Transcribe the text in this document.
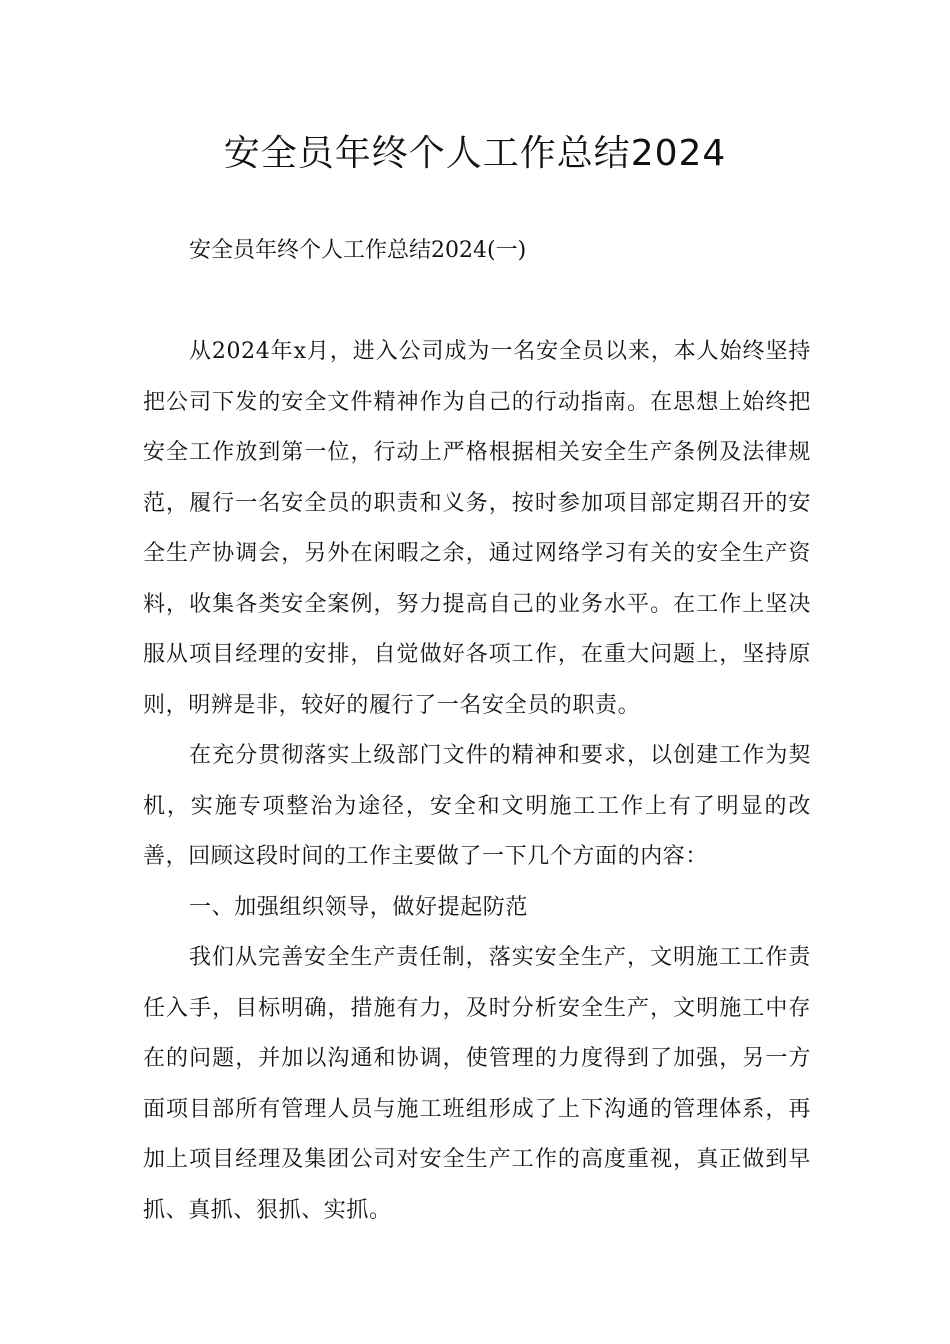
安全员年终个人工作总结2024

安全员年终个人工作总结2024(一)

从2024年x月，进入公司成为一名安全员以来，本人始终坚持把公司下发的安全文件精神作为自己的行动指南。在思想上始终把安全工作放到第一位，行动上严格根据相关安全生产条例及法律规范，履行一名安全员的职责和义务，按时参加项目部定期召开的安全生产协调会，另外在闲暇之余，通过网络学习有关的安全生产资料，收集各类安全案例，努力提高自己的业务水平。在工作上坚决服从项目经理的安排，自觉做好各项工作，在重大问题上，坚持原则，明辨是非，较好的履行了一名安全员的职责。

在充分贯彻落实上级部门文件的精神和要求，以创建工作为契机，实施专项整治为途径，安全和文明施工工作上有了明显的改善，回顾这段时间的工作主要做了一下几个方面的内容：

一、加强组织领导，做好提起防范

我们从完善安全生产责任制，落实安全生产，文明施工工作责任入手，目标明确，措施有力，及时分析安全生产，文明施工中存在的问题，并加以沟通和协调，使管理的力度得到了加强，另一方面项目部所有管理人员与施工班组形成了上下沟通的管理体系，再加上项目经理及集团公司对安全生产工作的高度重视，真正做到早抓、真抓、狠抓、实抓。
